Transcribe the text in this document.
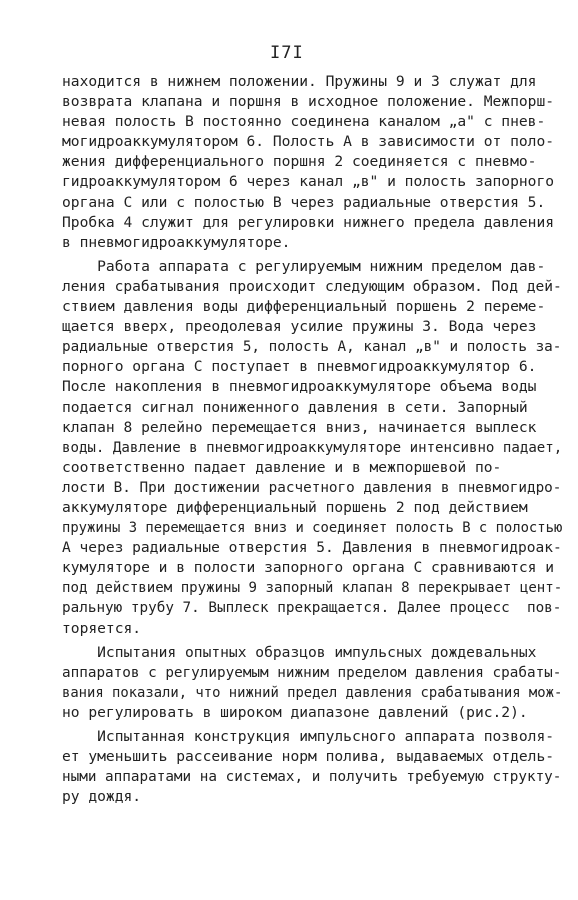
I7I
находится в нижнем положении. Пружины 9 и 3 служат для
возврата клапана и поршня в исходное положение. Межпорш-
невая полость В постоянно соединена каналом „а" с пнев-
могидроаккумулятором 6. Полость А в зависимости от поло-
жения дифференциального поршня 2 соединяется с пневмо-
гидроаккумулятором 6 через канал „в" и полость запорного
органа С или с полостью В через радиальные отверстия 5.
Пробка 4 служит для регулировки нижнего предела давления
в пневмогидроаккумуляторе.
Работа аппарата с регулируемым нижним пределом дав-
ления срабатывания происходит следующим образом. Под дей-
ствием давления воды дифференциальный поршень 2 переме-
щается вверх, преодолевая усилие пружины 3. Вода через
радиальные отверстия 5, полость А, канал „в" и полость за-
порного органа С поступает в пневмогидроаккумулятор 6.
После накопления в пневмогидроаккумуляторе объема воды
подается сигнал пониженного давления в сети. Запорный
клапан 8 релейно перемещается вниз, начинается выплеск
воды. Давление в пневмогидроаккумуляторе интенсивно падает,
соответственно падает давление и в межпоршевой по-
лости В. При достижении расчетного давления в пневмогидро-
аккумуляторе дифференциальный поршень 2 под действием
пружины 3 перемещается вниз и соединяет полость В с полостью
А через радиальные отверстия 5. Давления в пневмогидроак-
кумуляторе и в полости запорного органа С сравниваются и
под действием пружины 9 запорный клапан 8 перекрывает цент-
ральную трубу 7. Выплеск прекращается. Далее процесс  пов-
торяется.
Испытания опытных образцов импульсных дождевальных
аппаратов с регулируемым нижним пределом давления срабаты-
вания показали, что нижний предел давления срабатывания мож-
но регулировать в широком диапазоне давлений (рис.2).
Испытанная конструкция импульсного аппарата позволя-
ет уменьшить рассеивание норм полива, выдаваемых отдель-
ными аппаратами на системах, и получить требуемую структу-
ру дождя.
